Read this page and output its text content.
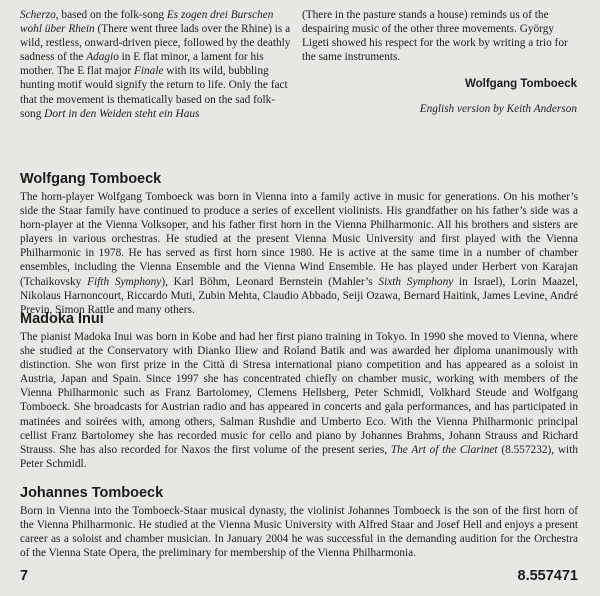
Scherzo, based on the folk-song Es zogen drei Burschen wohl über Rhein (There went three lads over the Rhine) is a wild, restless, onward-driven piece, followed by the deathly sadness of the Adagio in E flat minor, a lament for his mother. The E flat major Finale with its wild, bubbling hunting motif would signify the return to life. Only the fact that the movement is thematically based on the sad folk-song Dort in den Weiden steht ein Haus
(There in the pasture stands a house) reminds us of the despairing music of the other three movements. György Ligeti showed his respect for the work by writing a trio for the same instruments.
Wolfgang Tomboeck
English version by Keith Anderson
Wolfgang Tomboeck

The horn-player Wolfgang Tomboeck was born in Vienna into a family active in music for generations. On his mother’s side the Staar family have continued to produce a series of excellent violinists. His grandfather on his father’s side was a horn-player at the Vienna Volksoper, and his father first horn in the Vienna Philharmonic. All his brothers and sisters are players in various orchestras. He studied at the present Vienna Music University and first played with the Vienna Philharmonic in 1978. He has served as first horn since 1980. He is active at the same time in a number of chamber ensembles, including the Vienna Ensemble and the Vienna Wind Ensemble. He has played under Herbert von Karajan (Tchaikovsky Fifth Symphony), Karl Böhm, Leonard Bernstein (Mahler’s Sixth Symphony in Israel), Lorin Maazel, Nikolaus Harnoncourt, Riccardo Muti, Zubin Mehta, Claudio Abbado, Seiji Ozawa, Bernard Haitink, James Levine, André Previn, Simon Rattle and many others.

Madoka Inui

The pianist Madoka Inui was born in Kobe and had her first piano training in Tokyo. In 1990 she moved to Vienna, where she studied at the Conservatory with Dianko Iliew and Roland Batik and was awarded her diploma unanimously with distinction. She won first prize in the Città di Stresa international piano competition and has appeared as a soloist in Austria, Japan and Spain. Since 1997 she has concentrated chiefly on chamber music, working with members of the Vienna Philharmonic such as Franz Bartolomey, Clemens Hellsberg, Peter Schmidl, Volkhard Steude and Wolfgang Tomboeck. She broadcasts for Austrian radio and has appeared in concerts and gala performances, and has participated in matinées and soirées with, among others, Salman Rushdie and Umberto Eco. With the Vienna Philharmonic principal cellist Franz Bartolomey she has recorded music for cello and piano by Johannes Brahms, Johann Strauss and Richard Strauss. She has also recorded for Naxos the first volume of the present series, The Art of the Clarinet (8.557232), with Peter Schmidl.

Johannes Tomboeck

Born in Vienna into the Tomboeck-Staar musical dynasty, the violinist Johannes Tomboeck is the son of the first horn of the Vienna Philharmonic. He studied at the Vienna Music University with Alfred Staar and Josef Hell and enjoys a present career as a soloist and chamber musician. In January 2004 he was successful in the demanding audition for the Orchestra of the Vienna State Opera, the preliminary for membership of the Vienna Philharmonia.

7	8.557471
